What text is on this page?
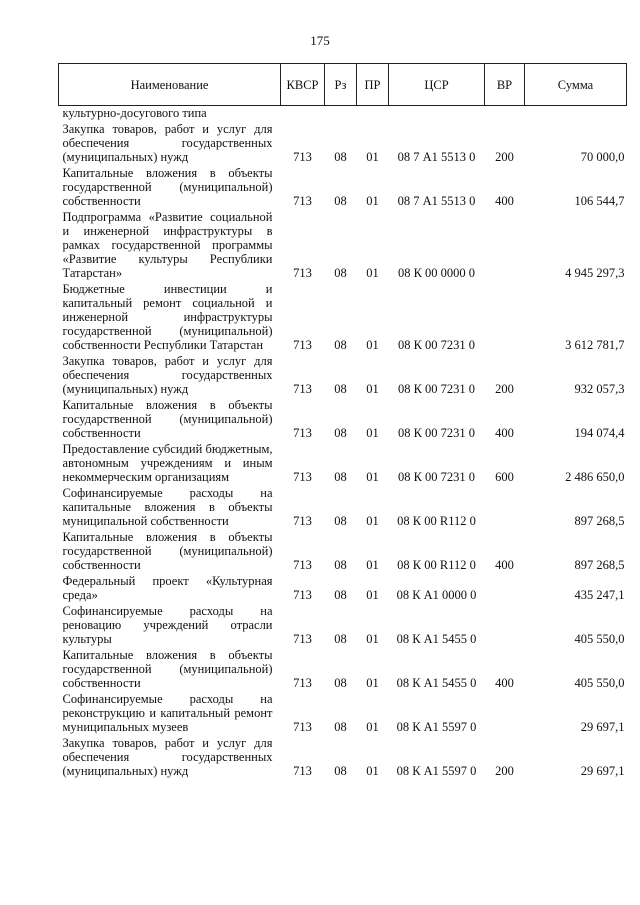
175
Наименование	КВСР	Рз	ПР	ЦСР	ВР	Сумма
культурно-досугового типа						
Закупка товаров, работ и услуг для обеспечения государственных (муниципальных) нужд	713	08	01	08 7 А1 5513 0	200	70 000,0
Капитальные вложения в объекты государственной (муниципальной) собственности	713	08	01	08 7 А1 5513 0	400	106 544,7
Подпрограмма «Развитие социальной и инженерной инфраструктуры в рамках государственной программы «Развитие культуры Республики Татарстан»	713	08	01	08 К 00 0000 0		4 945 297,3
Бюджетные инвестиции и капитальный ремонт социальной и инженерной инфраструктуры государственной (муниципальной) собственности Республики Татарстан	713	08	01	08 К 00 7231 0		3 612 781,7
Закупка товаров, работ и услуг для обеспечения государственных (муниципальных) нужд	713	08	01	08 К 00 7231 0	200	932 057,3
Капитальные вложения в объекты государственной (муниципальной) собственности	713	08	01	08 К 00 7231 0	400	194 074,4
Предоставление субсидий бюджетным, автономным учреждениям и иным некоммерческим организациям	713	08	01	08 К 00 7231 0	600	2 486 650,0
Софинансируемые расходы на капитальные вложения в объекты муниципальной собственности	713	08	01	08 К 00 R112 0		897 268,5
Капитальные вложения в объекты государственной (муниципальной) собственности	713	08	01	08 К 00 R112 0	400	897 268,5
Федеральный проект «Культурная среда»	713	08	01	08 К А1 0000 0		435 247,1
Софинансируемые расходы на реновацию учреждений отрасли культуры	713	08	01	08 К А1 5455 0		405 550,0
Капитальные вложения в объекты государственной (муниципальной) собственности	713	08	01	08 К А1 5455 0	400	405 550,0
Софинансируемые расходы на реконструкцию и капитальный ремонт муниципальных музеев	713	08	01	08 К А1 5597 0		29 697,1
Закупка товаров, работ и услуг для обеспечения государственных (муниципальных) нужд	713	08	01	08 К А1 5597 0	200	29 697,1
